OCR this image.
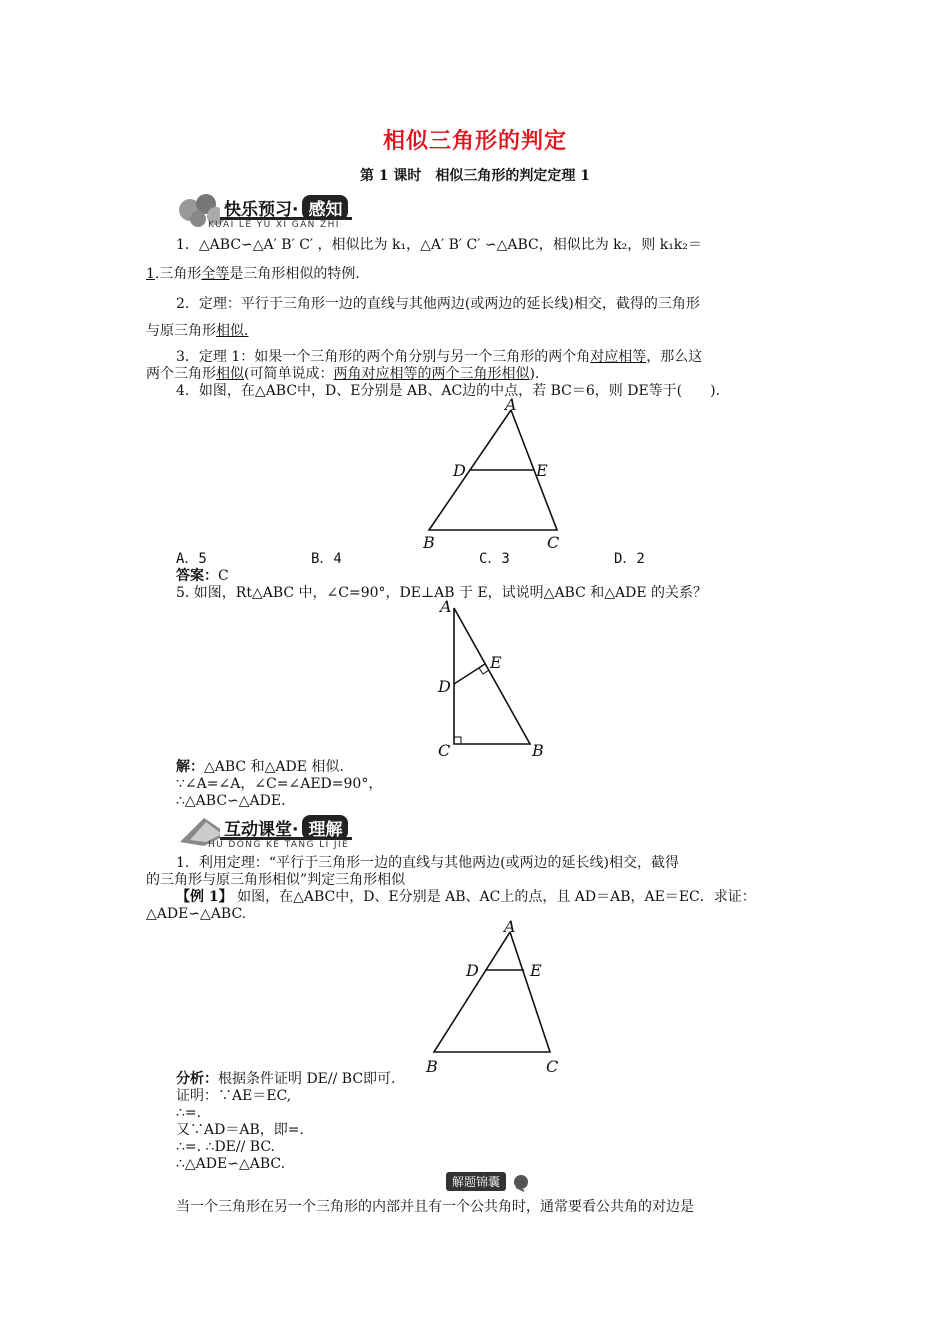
相似三角形的判定
第 1 课时　相似三角形的判定定理 1
快乐预习· 感知
KUAI LE YU XI GAN ZHI
1．△ABC∽△A′ B′ C′ ，相似比为 k₁，△A′ B′ C′ ∽△ABC，相似比为 k₂，则 k₁k₂＝
1.三角形全等是三角形相似的特例.
2．定理：平行于三角形一边的直线与其他两边(或两边的延长线)相交，截得的三角形
与原三角形相似.
3．定理 1：如果一个三角形的两个角分别与另一个三角形的两个角对应相等，那么这
两个三角形相似(可简单说成：两角对应相等的两个三角形相似).
4．如图，在△ABC中，D、E分别是 AB、AC边的中点，若 BC＝6，则 DE等于(　　).
A
D	E
B	C
A．5	B．4	C．3	D．2
答案：C
5. 如图，Rt△ABC 中，∠C=90°，DE⊥AB 于 E，试说明△ABC 和△ADE 的关系？
A
E
D
C	B
解：△ABC 和△ADE 相似.
∵∠A=∠A，∠C=∠AED=90°，
∴△ABC∽△ADE.
互动课堂· 理解
HU DONG KE TANG LI JIE
1．利用定理：“平行于三角形一边的直线与其他两边(或两边的延长线)相交，截得
的三角形与原三角形相似”判定三角形相似
【例 1】 如图，在△ABC中，D、E分别是 AB、AC上的点，且 AD＝AB，AE＝EC．求证：
△ADE∽△ABC.
A
D	E
B	C
分析：根据条件证明 DE// BC即可.
证明：∵AE＝EC,
∴=.
又∵AD＝AB，即=.
∴=. ∴DE// BC.
∴△ADE∽△ABC.
解题锦囊
当一个三角形在另一个三角形的内部并且有一个公共角时，通常要看公共角的对边是
